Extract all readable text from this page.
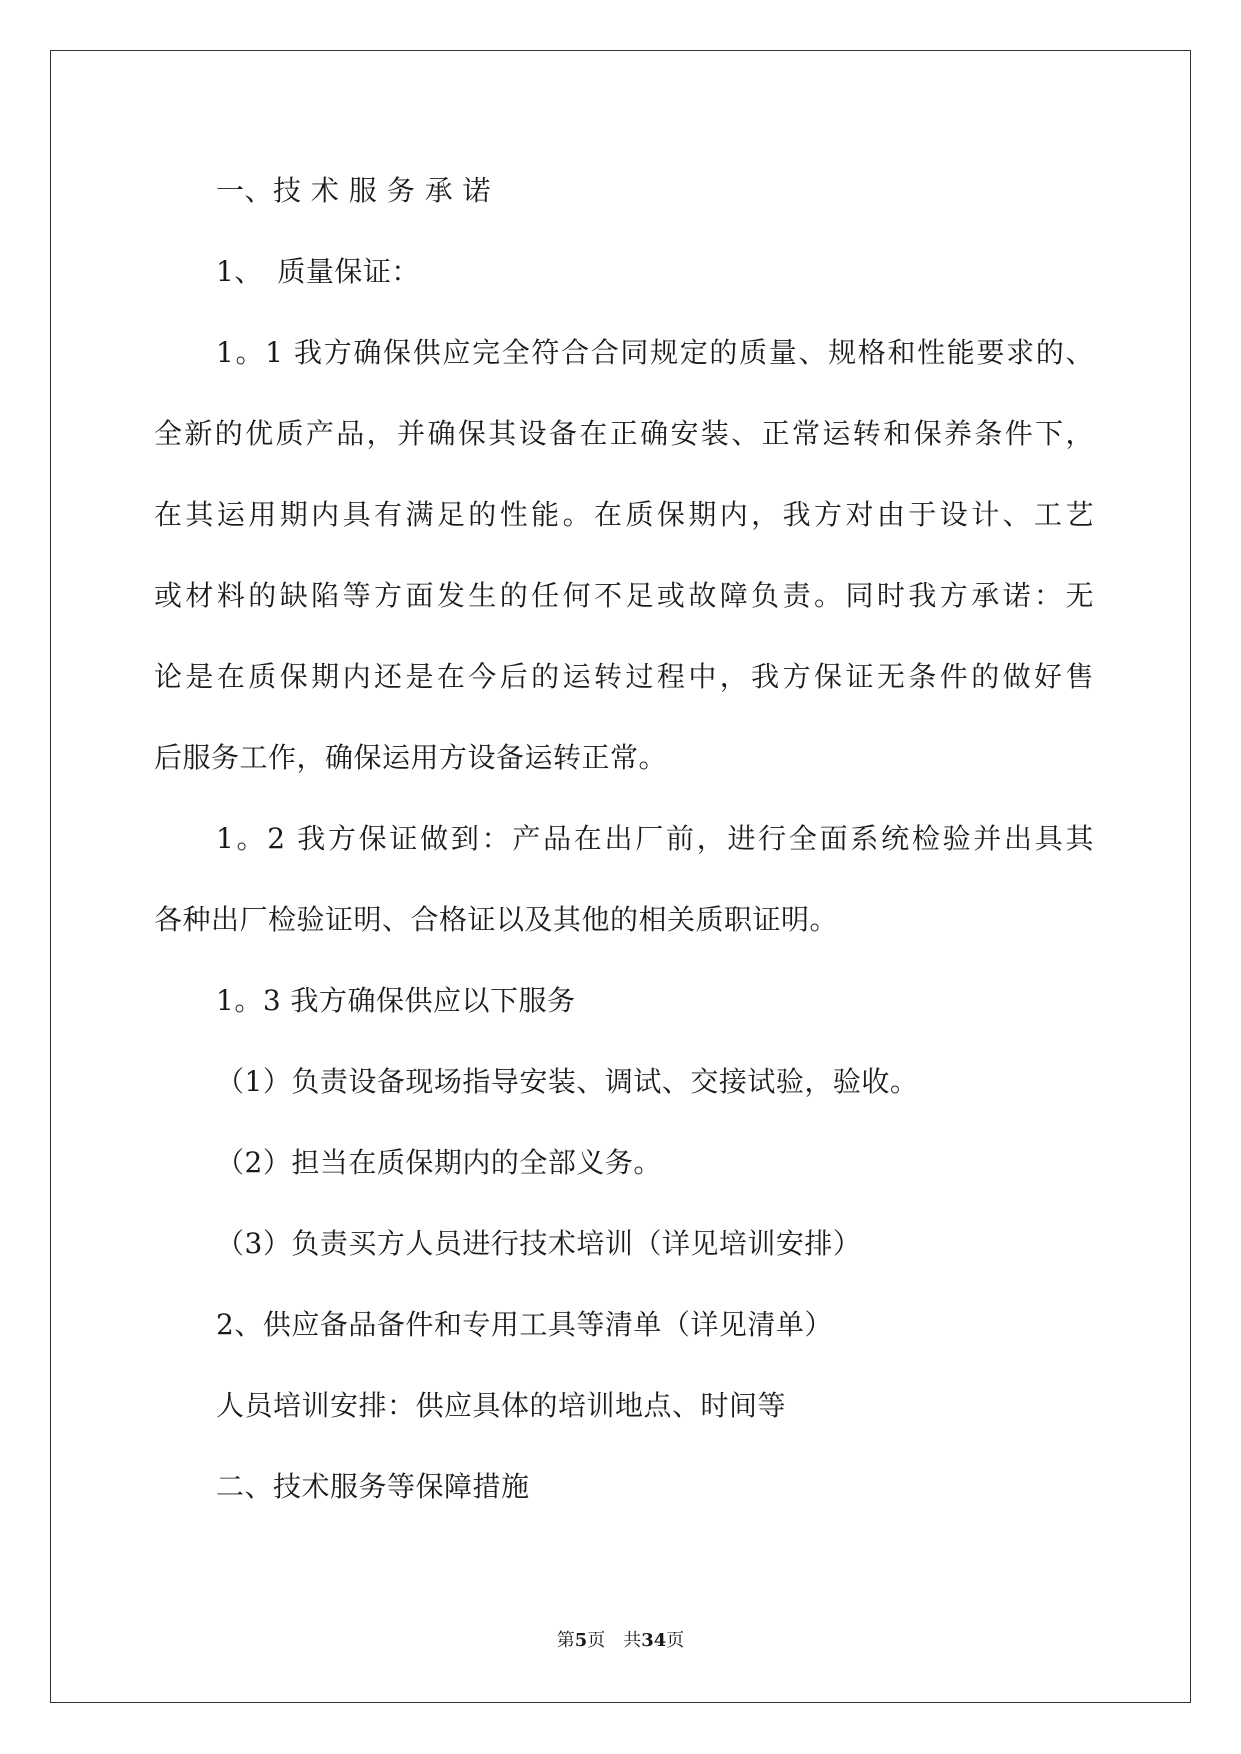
一、技 术 服 务 承 诺
1、　质量保证：
1。1 我方确保供应完全符合合同规定的质量、规格和性能要求的、
全新的优质产品，并确保其设备在正确安装、正常运转和保养条件下，
在其运用期内具有满足的性能。在质保期内，我方对由于设计、工艺
或材料的缺陷等方面发生的任何不足或故障负责。同时我方承诺：无
论是在质保期内还是在今后的运转过程中，我方保证无条件的做好售
后服务工作，确保运用方设备运转正常。
1。2 我方保证做到：产品在出厂前，进行全面系统检验并出具其
各种出厂检验证明、合格证以及其他的相关质职证明。
1。3 我方确保供应以下服务
（1）负责设备现场指导安装、调试、交接试验，验收。
（2）担当在质保期内的全部义务。
（3）负责买方人员进行技术培训（详见培训安排）
2、供应备品备件和专用工具等清单（详见清单）
人员培训安排：供应具体的培训地点、时间等
二、技术服务等保障措施
第5页　共34页
